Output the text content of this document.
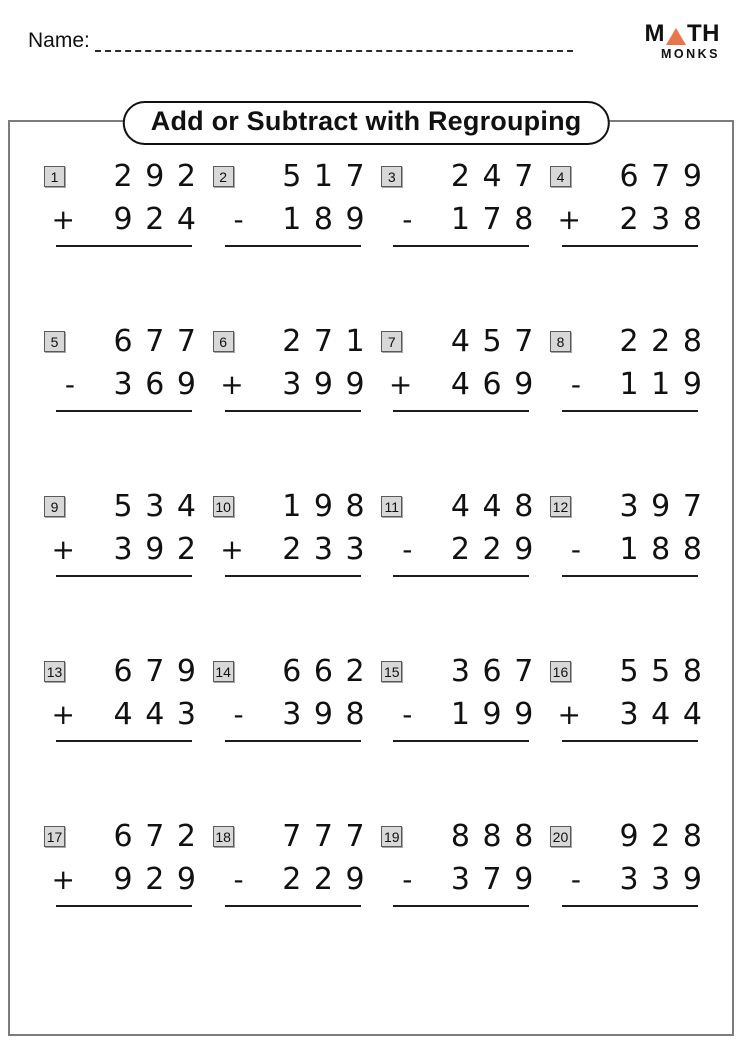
Name:	M TH
MONKS
Add or Subtract with Regrouping
1	292
+	924
2	517
-	189
3	247
-	178
4	679
+	238
5	677
-	369
6	271
+	399
7	457
+	469
8	228
-	119
9	534
+	392
10	198
+	233
11	448
-	229
12	397
-	188
13	679
+	443
14	662
-	398
15	367
-	199
16	558
+	344
17	672
+	929
18	777
-	229
19	888
-	379
20	928
-	339
